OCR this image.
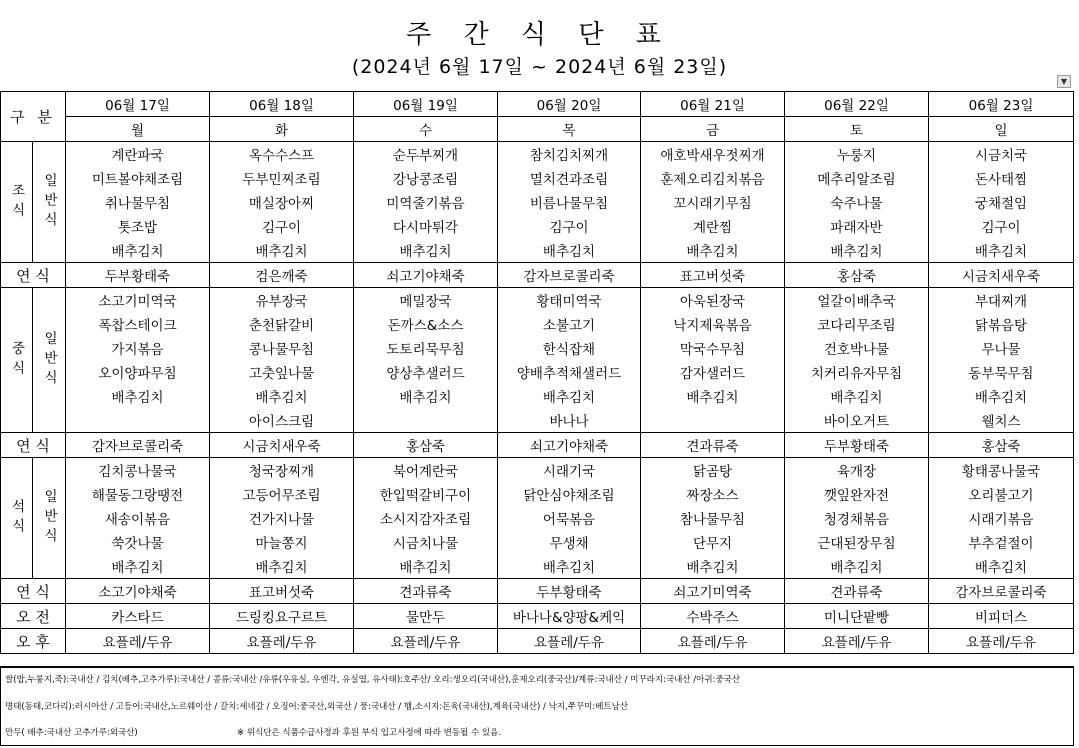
주 간 식 단 표
(2024년 6월 17일 ~ 2024년 6월 23일)
▼
구 분		06월 17일	06월 18일	06월 19일	06월 20일	06월 21일	06월 22일	06월 23일
		월	화	수	목	금	토	일

조식	일반식	계란파국	옥수수스프	순두부찌개	참치김치찌개	애호박새우젓찌개	누룽지	시금치국
		미트볼야채조림	두부민찌조림	강낭콩조림	멸치견과조림	훈제오리김치볶음	메추리알조림	돈사태찜
		취나물무침	매실장아찌	미역줄기볶음	비름나물무침	꼬시래기무침	숙주나물	궁채절임
		톳조밥	김구이	다시마튀각	김구이	계란찜	파래자반	김구이
		배추김치	배추김치	배추김치	배추김치	배추김치	배추김치	배추김치
연 식		두부황태죽	검은깨죽	쇠고기야채죽	감자브로콜리죽	표고버섯죽	홍삼죽	시금치새우죽

중식	일반식	소고기미역국	유부장국	메밀장국	황태미역국	아욱된장국	얼갈이배추국	부대찌개
		폭찹스테이크	춘천닭갈비	돈까스&소스	소불고기	낙지제육볶음	코다리무조림	닭볶음탕
		가지볶음	콩나물무침	도토리묵무침	한식잡채	막국수무침	건호박나물	무나물
		오이양파무침	고춧잎나물	양상추샐러드	양배추적채샐러드	감자샐러드	치커리유자무침	동부묵무침
		배추김치	배추김치	배추김치	배추김치	배추김치	배추김치	배추김치
			아이스크림		바나나		바이오거트	웰치스
연 식		감자브로콜리죽	시금치새우죽	홍삼죽	쇠고기야채죽	견과류죽	두부황태죽	홍삼죽

석식	일반식	김치콩나물국	청국장찌개	북어계란국	시래기국	닭곰탕	육개장	황태콩나물국
		해물동그랑땡전	고등어무조림	한입떡갈비구이	닭안심야채조림	짜장소스	깻잎완자전	오리불고기
		새송이볶음	건가지나물	소시지감자조림	어묵볶음	참나물무침	청경채볶음	시래기볶음
		쑥갓나물	마늘쫑지	시금치나물	무생채	단무지	근대된장무침	부추겉절이
		배추김치	배추김치	배추김치	배추김치	배추김치	배추김치	배추김치
연 식		소고기야채죽	표고버섯죽	견과류죽	두부황태죽	쇠고기미역죽	견과류죽	감자브로콜리죽
오 전		카스타드	드링킹요구르트	물만두	바나나&양팡&케익	수박주스	미니단팥빵	비피더스
오 후		요플레/두유	요플레/두유	요플레/두유	요플레/두유	요플레/두유	요플레/두유	요플레/두유
쌀(밥,누룽지,죽):국내산 / 김치(배추,고추가루):국내산 / 콩류:국내산 /유류(우유실, 우엔각, 유실엽, 유사태):호주산/ 오리:생오리(국내산),훈제오리(중국산)/계류:국내산 / 미꾸라지:국내산 /아귀:중국산
명태(동태,코다리):러시아산 / 고등어:국내산,노르웨이산 / 갈치:세네갈 / 오징어:중국산,외국산 / 풍:국내산 / 햄,소시지:돈육(국내산),계육(국내산) / 낙지,쭈꾸미:베트남산
만두( 배추:국내산 고추가루:외국산)	※ 위식단은 식품수급사정과 후원 부식 입고사정에 따라 변동될 수 있음.
